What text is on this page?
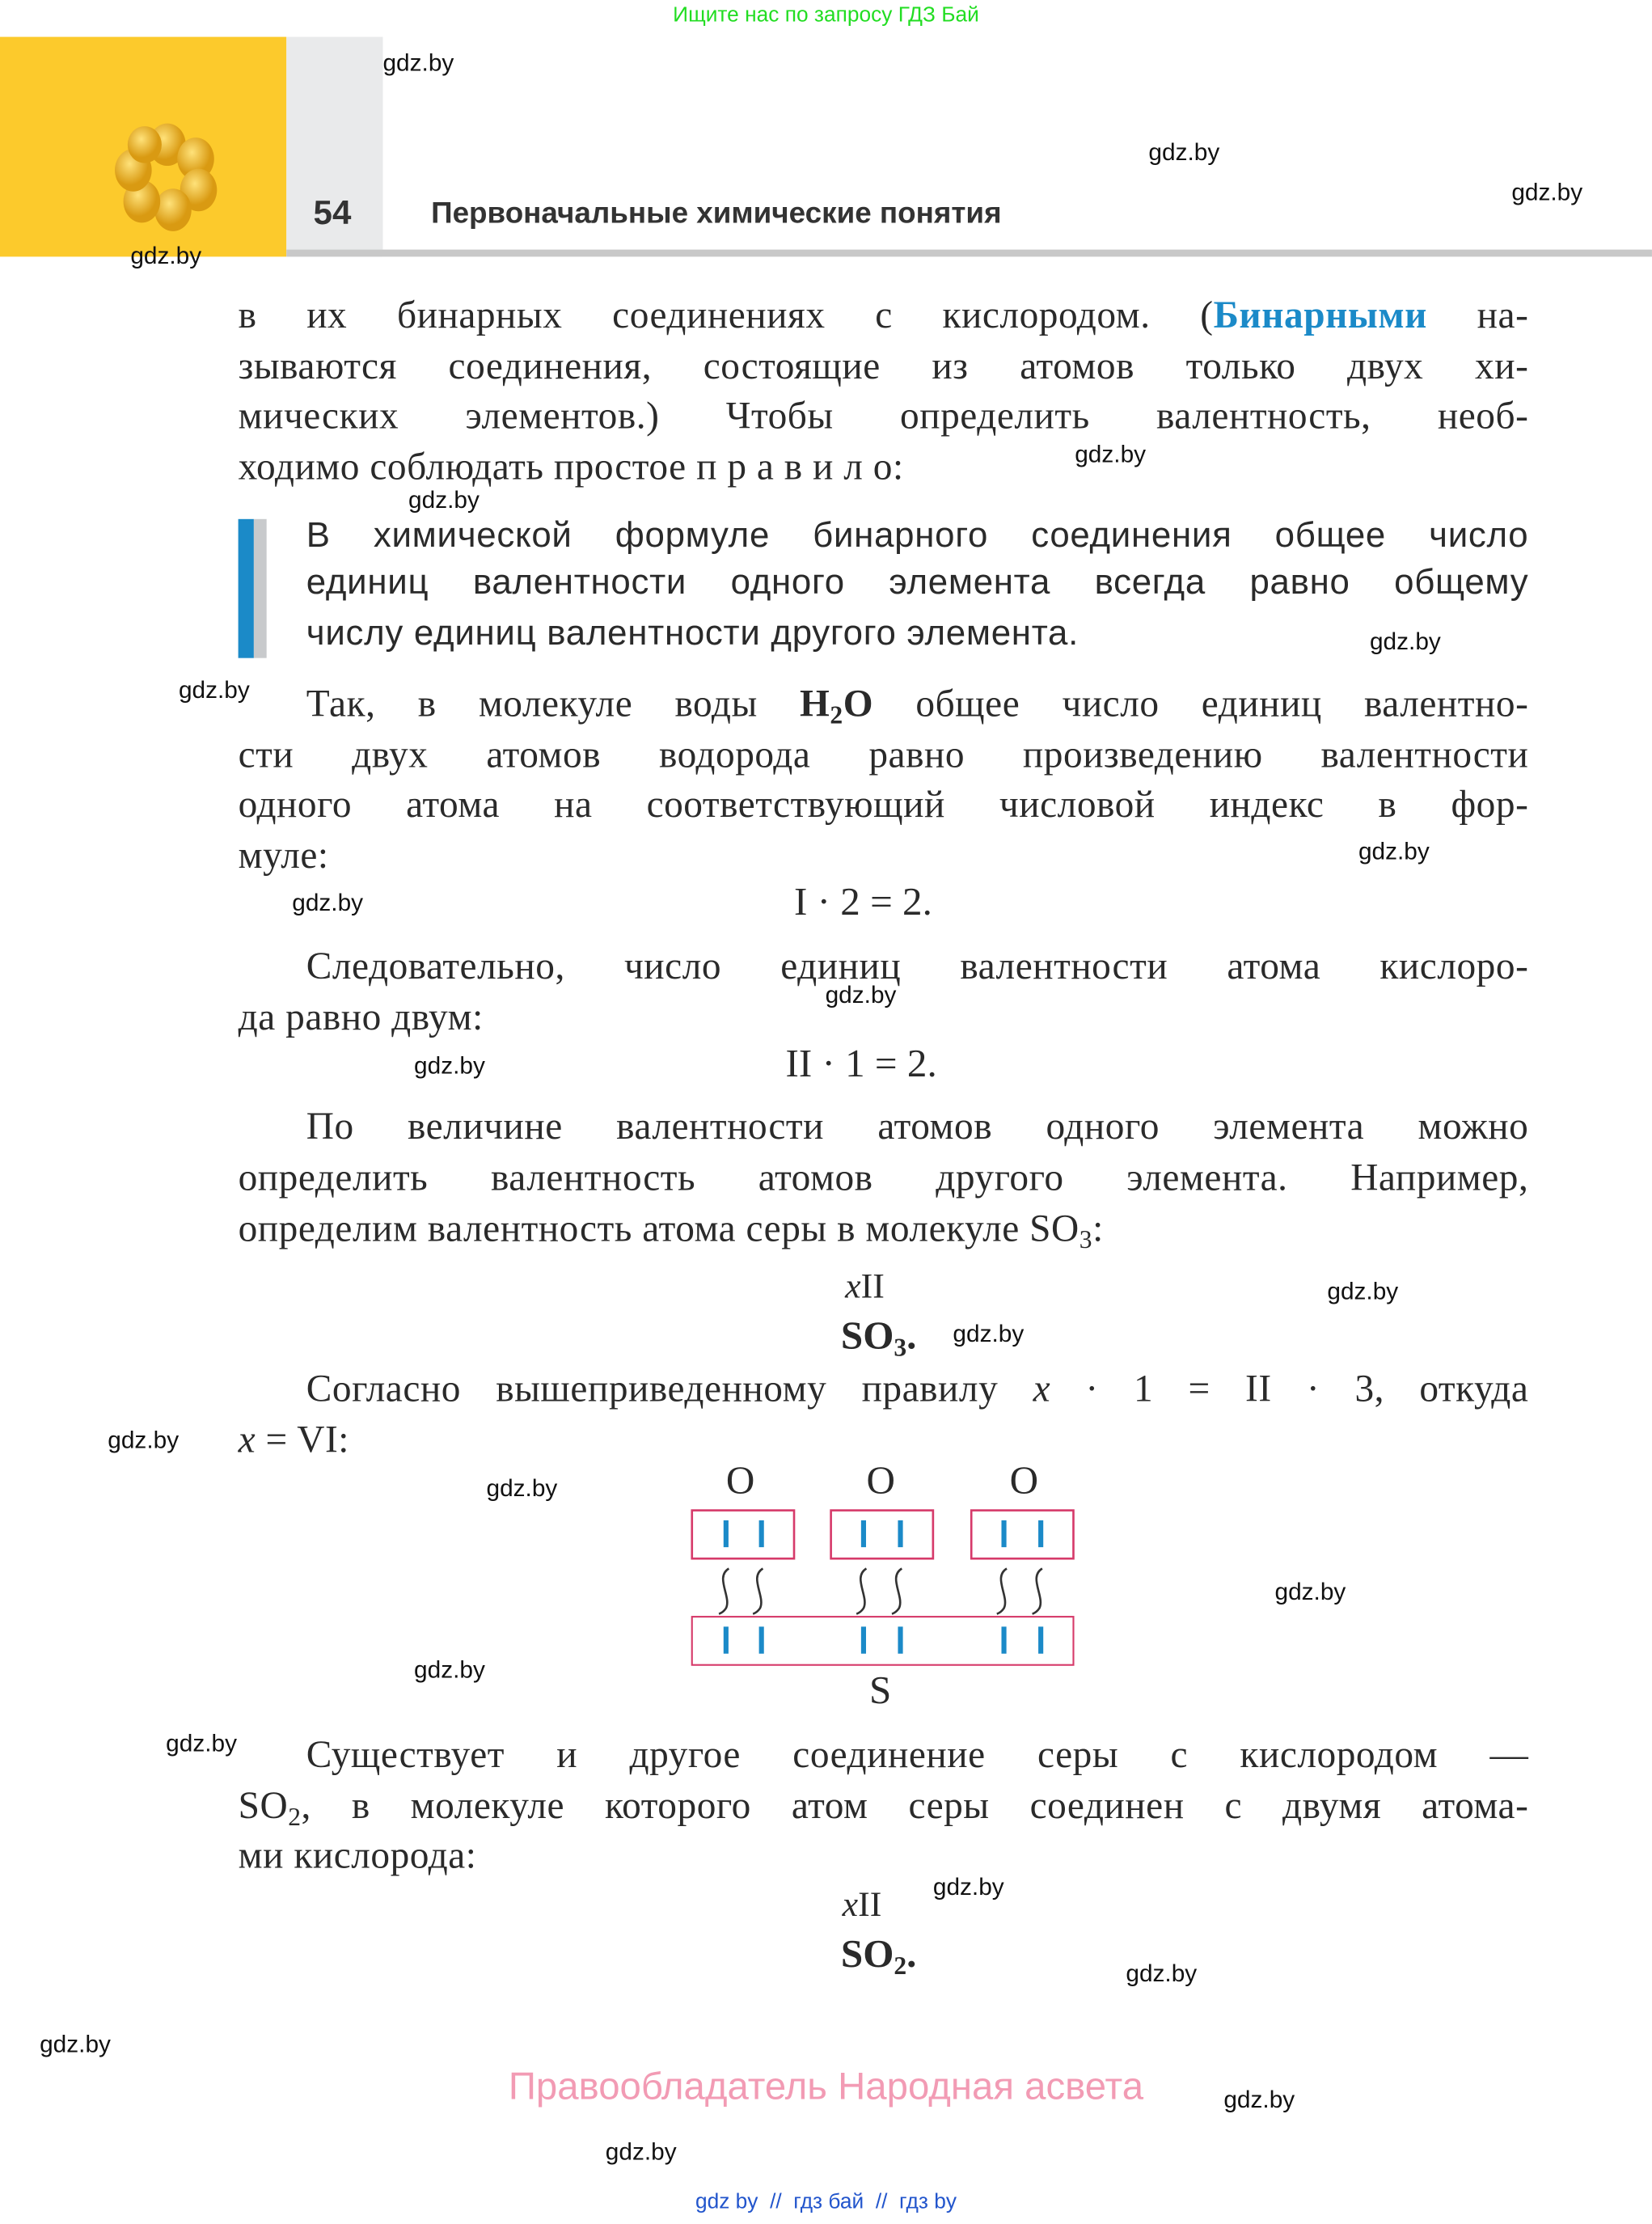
Ищите нас по запросу ГДЗ Бай
54	Первоначальные химические понятия
в их бинарных соединениях с кислородом. (Бинарными на-
зываются соединения, состоящие из атомов только двух хи-
мических элементов.) Чтобы определить валентность, необ-
ходимо соблюдать простое п р а в и л о:
В химической формуле бинарного соединения общее число
единиц валентности одного элемента всегда равно общему
числу единиц валентности другого элемента.
Так, в молекуле воды $H_2O$ общее число единиц валентно-
сти двух атомов водорода равно произведению валентности
одного атома на соответствующий числовой индекс в фор-
муле:
I · 2 = 2.
Следовательно, число единиц валентности атома кислоро-
да равно двум:
II · 1 = 2.
По величине валентности атомов одного элемента можно
определить валентность атомов другого элемента. Например,
определим валентность атома серы в молекуле $SO_3$:
xII
$SO_3$.
Согласно вышеприведенному правилу x · 1 = II · 3, откуда
x = VI:
O	O	O
S
Существует и другое соединение серы с кислородом —
$SO_2$, в молекуле которого атом серы соединен с двумя атома-
ми кислорода:
xII
$SO_2$.
Правообладатель Народная асвета
gdz by  //  гдз бай  //  гдз by
gdz.by
gdz.by
gdz.by
gdz.by
gdz.by
gdz.by
gdz.by
gdz.by
gdz.by
gdz.by
gdz.by
gdz.by
gdz.by
gdz.by
gdz.by
gdz.by
gdz.by
gdz.by
gdz.by
gdz.by
gdz.by
gdz.by
gdz.by
gdz.by
